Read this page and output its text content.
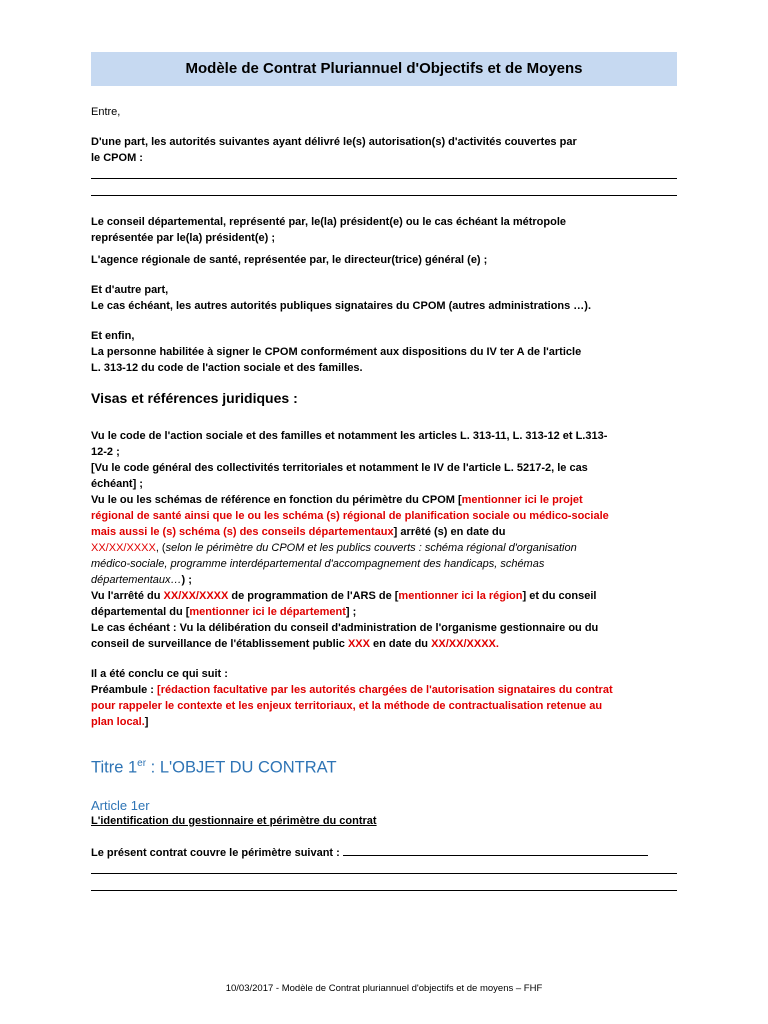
Modèle de Contrat Pluriannuel d'Objectifs et de Moyens

Entre,

D'une part, les autorités suivantes ayant délivré le(s) autorisation(s) d'activités couvertes par

le CPOM :

Le conseil départemental, représenté par, le(la) président(e) ou le cas échéant la métropole

représentée par le(la) président(e) ;

L'agence régionale de santé, représentée par, le directeur(trice) général (e) ;

Et d'autre part,

Le cas échéant, les autres autorités publiques signataires du CPOM (autres administrations …).

Et enfin,

La personne habilitée à signer le CPOM conformément aux dispositions du IV ter A de l'article

L. 313-12 du code de l'action sociale et des familles.

Visas et références juridiques :

Vu le code de l'action sociale et des familles et notamment les articles L. 313-11, L. 313-12 et L.313-

12-2 ;

[Vu le code général des collectivités territoriales et notamment le IV de l'article L. 5217-2, le cas

échéant] ;

Vu le ou les schémas de référence en fonction du périmètre du CPOM [mentionner ici le projet

régional de santé ainsi que le ou les schéma (s) régional de planification sociale ou médico-sociale

mais aussi le (s) schéma (s) des conseils départementaux] arrêté (s) en date du

XX/XX/XXXX, (selon le périmètre du CPOM et les publics couverts : schéma régional d'organisation

médico-sociale, programme interdépartemental d'accompagnement des handicaps, schémas

départementaux…) ;

Vu l'arrêté du XX/XX/XXXX de programmation de l'ARS de [mentionner ici la région] et du conseil

départemental du [mentionner ici le département] ;

Le cas échéant : Vu la délibération du conseil d'administration de l'organisme gestionnaire ou du

conseil de surveillance de l'établissement public XXX en date du XX/XX/XXXX.

Il a été conclu ce qui suit :

Préambule : [rédaction facultative par les autorités chargées de l'autorisation signataires du contrat

pour rappeler le contexte et les enjeux territoriaux, et la méthode de contractualisation retenue au

plan local.]

Titre 1er : L'OBJET DU CONTRAT

Article 1er

L'identification du gestionnaire et périmètre du contrat

Le présent contrat couvre le périmètre suivant :

10/03/2017 - Modèle de Contrat pluriannuel d'objectifs et de moyens – FHF
